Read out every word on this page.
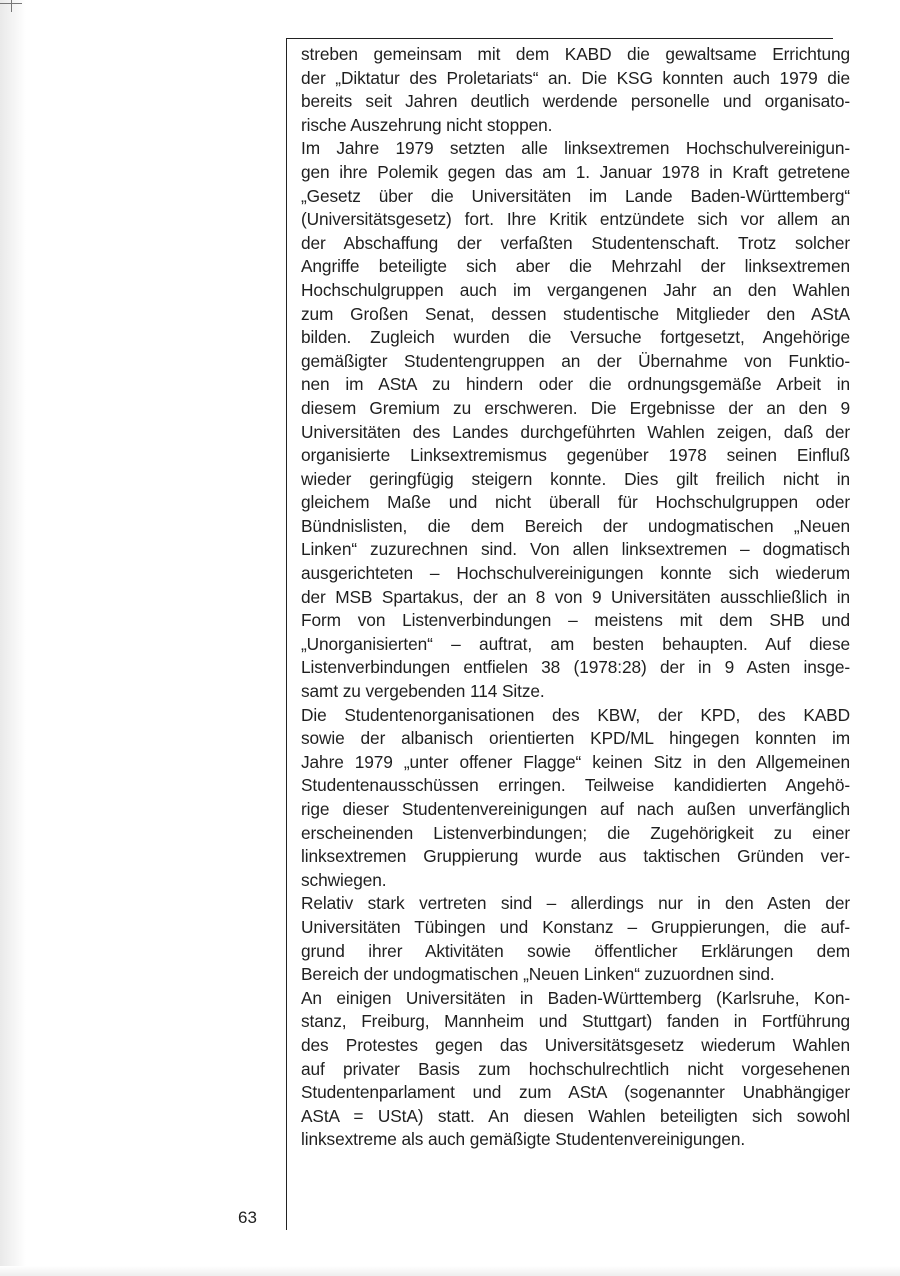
63
streben gemeinsam mit dem KABD die gewaltsame Errichtung
der „Diktatur des Proletariats“ an. Die KSG konnten auch 1979 die
bereits seit Jahren deutlich werdende personelle und organisato-
rische Auszehrung nicht stoppen.
Im Jahre 1979 setzten alle linksextremen Hochschulvereinigun-
gen ihre Polemik gegen das am 1. Januar 1978 in Kraft getretene
„Gesetz über die Universitäten im Lande Baden-Württemberg“
(Universitätsgesetz) fort. Ihre Kritik entzündete sich vor allem an
der Abschaffung der verfaßten Studentenschaft. Trotz solcher
Angriffe beteiligte sich aber die Mehrzahl der linksextremen
Hochschulgruppen auch im vergangenen Jahr an den Wahlen
zum Großen Senat, dessen studentische Mitglieder den AStA
bilden. Zugleich wurden die Versuche fortgesetzt, Angehörige
gemäßigter Studentengruppen an der Übernahme von Funktio-
nen im AStA zu hindern oder die ordnungsgemäße Arbeit in
diesem Gremium zu erschweren. Die Ergebnisse der an den 9
Universitäten des Landes durchgeführten Wahlen zeigen, daß der
organisierte Linksextremismus gegenüber 1978 seinen Einfluß
wieder geringfügig steigern konnte. Dies gilt freilich nicht in
gleichem Maße und nicht überall für Hochschulgruppen oder
Bündnislisten, die dem Bereich der undogmatischen „Neuen
Linken“ zuzurechnen sind. Von allen linksextremen – dogmatisch
ausgerichteten – Hochschulvereinigungen konnte sich wiederum
der MSB Spartakus, der an 8 von 9 Universitäten ausschließlich in
Form von Listenverbindungen – meistens mit dem SHB und
„Unorganisierten“ – auftrat, am besten behaupten. Auf diese
Listenverbindungen entfielen 38 (1978:28) der in 9 Asten insge-
samt zu vergebenden 114 Sitze.
Die Studentenorganisationen des KBW, der KPD, des KABD
sowie der albanisch orientierten KPD/ML hingegen konnten im
Jahre 1979 „unter offener Flagge“ keinen Sitz in den Allgemeinen
Studentenausschüssen erringen. Teilweise kandidierten Angehö-
rige dieser Studentenvereinigungen auf nach außen unverfänglich
erscheinenden Listenverbindungen; die Zugehörigkeit zu einer
linksextremen Gruppierung wurde aus taktischen Gründen ver-
schwiegen.
Relativ stark vertreten sind – allerdings nur in den Asten der
Universitäten Tübingen und Konstanz – Gruppierungen, die auf-
grund ihrer Aktivitäten sowie öffentlicher Erklärungen dem
Bereich der undogmatischen „Neuen Linken“ zuzuordnen sind.
An einigen Universitäten in Baden-Württemberg (Karlsruhe, Kon-
stanz, Freiburg, Mannheim und Stuttgart) fanden in Fortführung
des Protestes gegen das Universitätsgesetz wiederum Wahlen
auf privater Basis zum hochschulrechtlich nicht vorgesehenen
Studentenparlament und zum AStA (sogenannter Unabhängiger
AStA = UStA) statt. An diesen Wahlen beteiligten sich sowohl
linksextreme als auch gemäßigte Studentenvereinigungen.
